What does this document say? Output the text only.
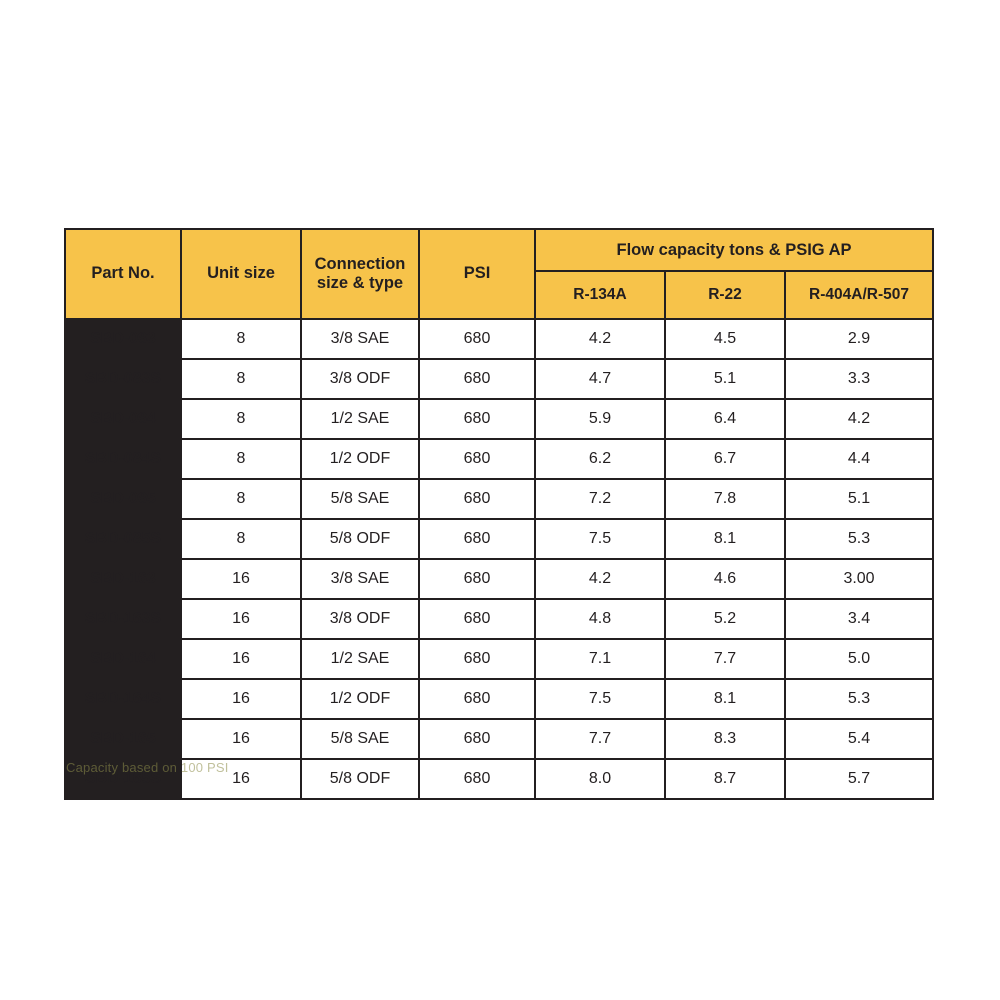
Part No.	Unit size	Connection size & type	PSI	Flow capacity tons & PSIG AP		
				R-134A	R-22	R-404A/R-507
SBD-083	8	3/8 SAE	680	4.2	4.5	2.9
SBD-083S	8	3/8 ODF	680	4.7	5.1	3.3
SBD-084	8	1/2 SAE	680	5.9	6.4	4.2
SBD-084S	8	1/2 ODF	680	6.2	6.7	4.4
SBD-085	8	5/8 SAE	680	7.2	7.8	5.1
SBD-085S	8	5/8 ODF	680	7.5	8.1	5.3
SBD-163	16	3/8 SAE	680	4.2	4.6	3.00
SBD-163S	16	3/8 ODF	680	4.8	5.2	3.4
SBD-164	16	1/2 SAE	680	7.1	7.7	5.0
SBD-164S	16	1/2 ODF	680	7.5	8.1	5.3
SBD-165	16	5/8 SAE	680	7.7	8.3	5.4
SBD-165S	16	5/8 ODF	680	8.0	8.7	5.7
Capacity based on 100 PSI
